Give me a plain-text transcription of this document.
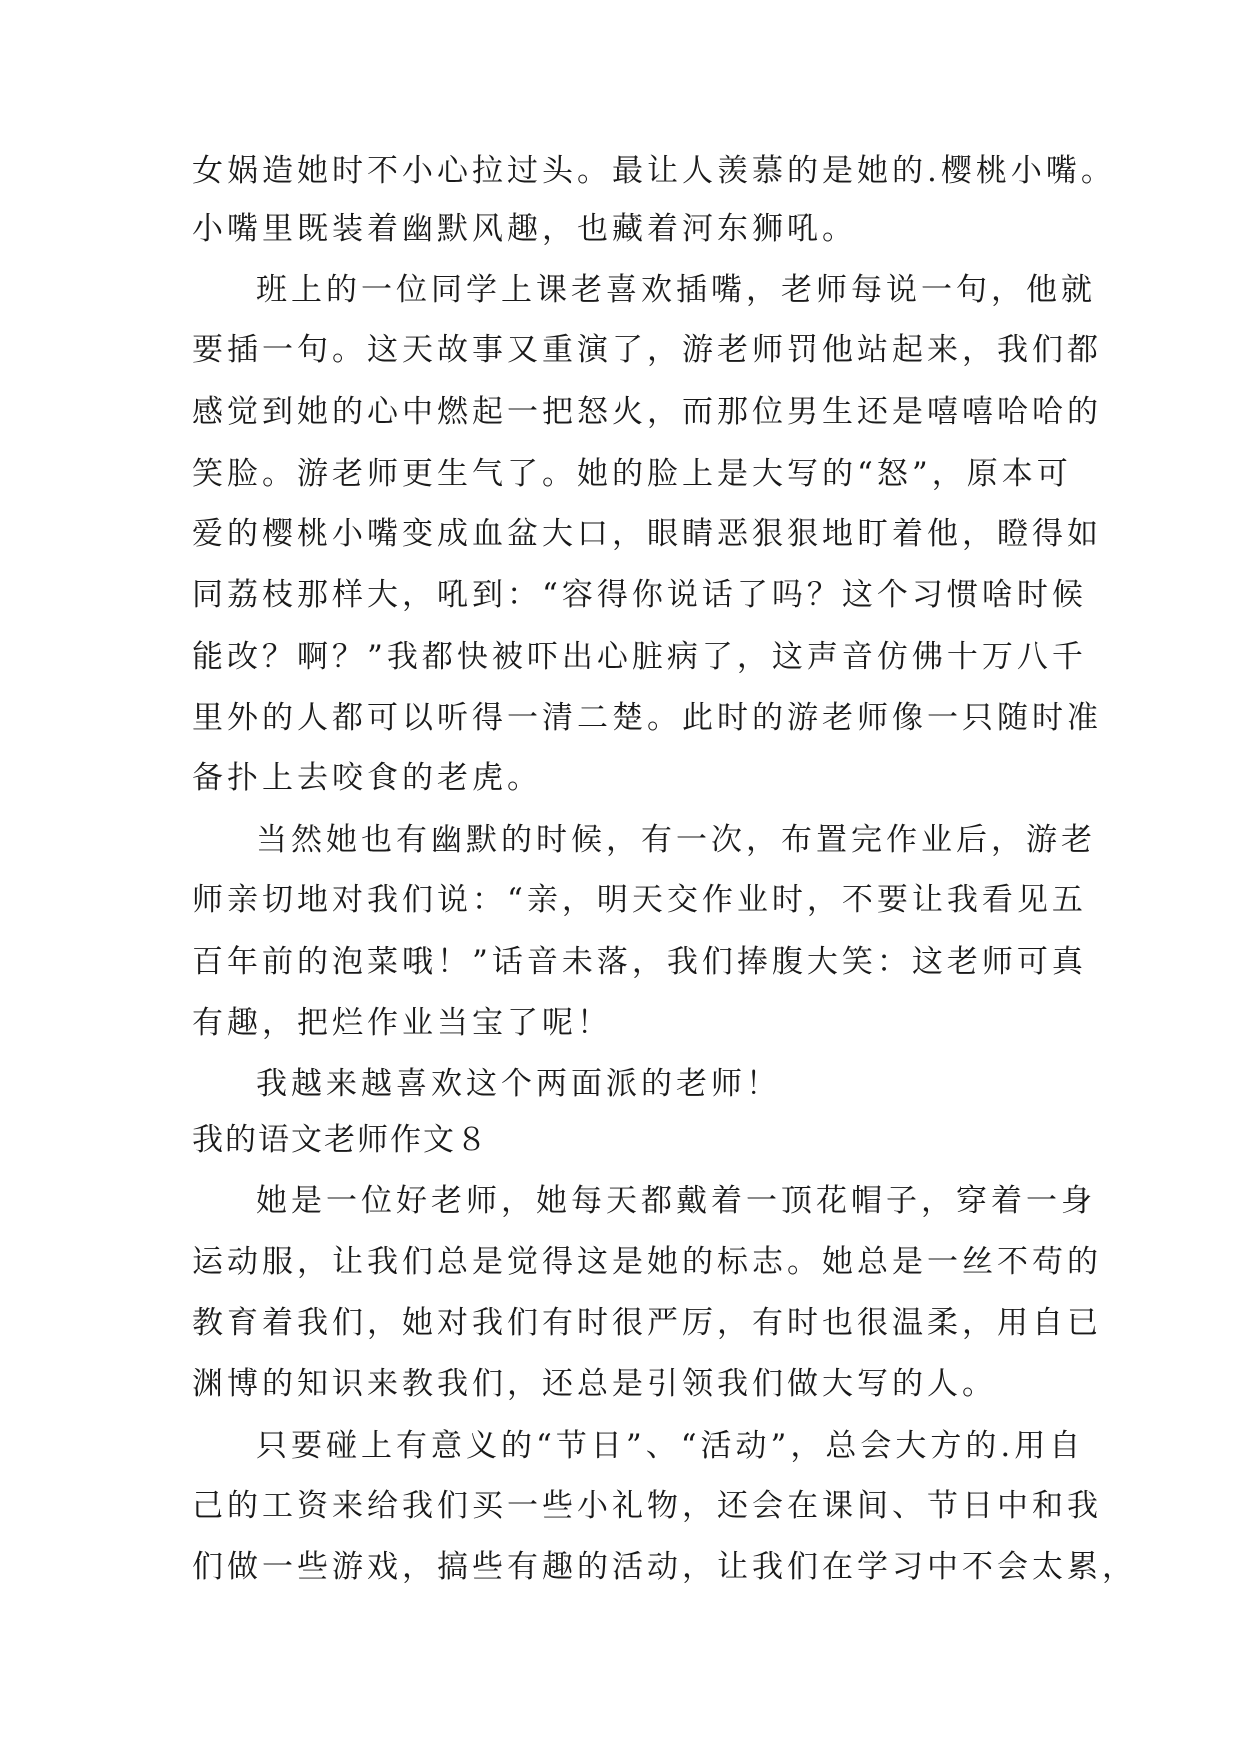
女娲造她时不小心拉过头。最让人羡慕的是她的.樱桃小嘴。

小嘴里既装着幽默风趣，也藏着河东狮吼。

班上的一位同学上课老喜欢插嘴，老师每说一句，他就

要插一句。这天故事又重演了，游老师罚他站起来，我们都

感觉到她的心中燃起一把怒火，而那位男生还是嘻嘻哈哈的

笑脸。游老师更生气了。她的脸上是大写的“怒”，原本可

爱的樱桃小嘴变成血盆大口，眼睛恶狠狠地盯着他，瞪得如

同荔枝那样大，吼到：“容得你说话了吗？这个习惯啥时候

能改？啊？”我都快被吓出心脏病了，这声音仿佛十万八千

里外的人都可以听得一清二楚。此时的游老师像一只随时准

备扑上去咬食的老虎。

当然她也有幽默的时候，有一次，布置完作业后，游老

师亲切地对我们说：“亲，明天交作业时，不要让我看见五

百年前的泡菜哦！”话音未落，我们捧腹大笑：这老师可真

有趣，把烂作业当宝了呢！

我越来越喜欢这个两面派的老师！

我的语文老师作文８

她是一位好老师，她每天都戴着一顶花帽子，穿着一身

运动服，让我们总是觉得这是她的标志。她总是一丝不苟的

教育着我们，她对我们有时很严厉，有时也很温柔，用自已

渊博的知识来教我们，还总是引领我们做大写的人。

只要碰上有意义的“节日”、“活动”，总会大方的.用自

己的工资来给我们买一些小礼物，还会在课间、节日中和我

们做一些游戏，搞些有趣的活动，让我们在学习中不会太累，
